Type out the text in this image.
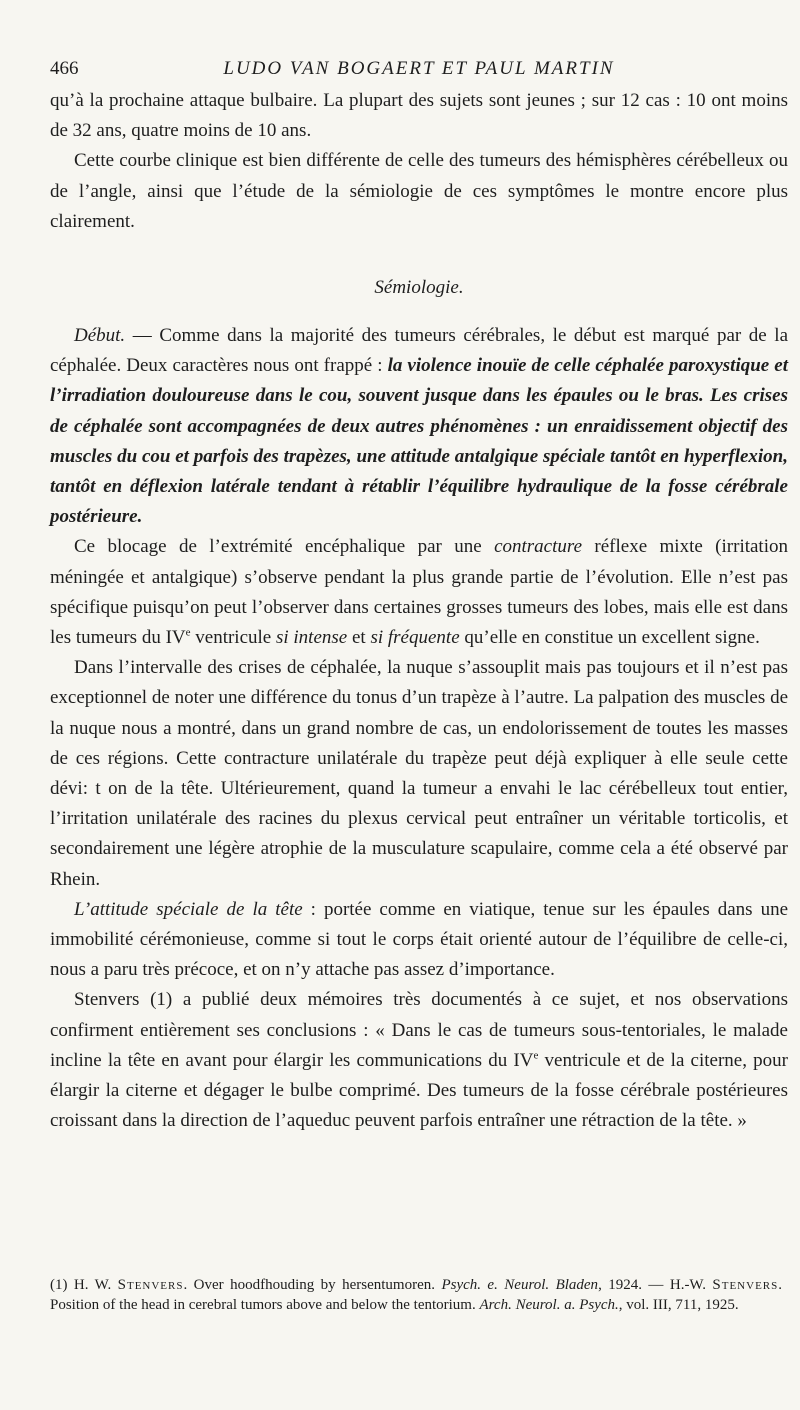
466	LUDO VAN BOGAERT ET PAUL MARTIN

qu’à la prochaine attaque bulbaire. La plupart des sujets sont jeunes ; sur 12 cas : 10 ont moins de 32 ans, quatre moins de 10 ans.

Cette courbe clinique est bien différente de celle des tumeurs des hémisphères cérébelleux ou de l’angle, ainsi que l’étude de la sémiologie de ces symptômes le montre encore plus clairement.

Sémiologie.

Début. — Comme dans la majorité des tumeurs cérébrales, le début est marqué par de la céphalée. Deux caractères nous ont frappé : la violence inouïe de celle céphalée paroxystique et l’irradiation douloureuse dans le cou, souvent jusque dans les épaules ou le bras. Les crises de céphalée sont accompagnées de deux autres phénomènes : un enraidissement objectif des muscles du cou et parfois des trapèzes, une attitude antalgique spéciale tantôt en hyperflexion, tantôt en déflexion latérale tendant à rétablir l’équilibre hydraulique de la fosse cérébrale postérieure.

Ce blocage de l’extrémité encéphalique par une contracture réflexe mixte (irritation méningée et antalgique) s’observe pendant la plus grande partie de l’évolution. Elle n’est pas spécifique puisqu’on peut l’observer dans certaines grosses tumeurs des lobes, mais elle est dans les tumeurs du IVe ventricule si intense et si fréquente qu’elle en constitue un excellent signe.

Dans l’intervalle des crises de céphalée, la nuque s’assouplit mais pas toujours et il n’est pas exceptionnel de noter une différence du tonus d’un trapèze à l’autre. La palpation des muscles de la nuque nous a montré, dans un grand nombre de cas, un endolorissement de toutes les masses de ces régions. Cette contracture unilatérale du trapèze peut déjà expliquer à elle seule cette dévi: t on de la tête. Ultérieurement, quand la tumeur a envahi le lac cérébelleux tout entier, l’irritation unilatérale des racines du plexus cervical peut entraîner un véritable torticolis, et secondairement une légère atrophie de la musculature scapulaire, comme cela a été observé par Rhein.

L’attitude spéciale de la tête : portée comme en viatique, tenue sur les épaules dans une immobilité cérémonieuse, comme si tout le corps était orienté autour de l’équilibre de celle-ci, nous a paru très précoce, et on n’y attache pas assez d’importance.

Stenvers (1) a publié deux mémoires très documentés à ce sujet, et nos observations confirment entièrement ses conclusions : « Dans le cas de tumeurs sous-tentoriales, le malade incline la tête en avant pour élargir les communications du IVe ventricule et de la citerne, pour élargir la citerne et dégager le bulbe comprimé. Des tumeurs de la fosse cérébrale postérieures croissant dans la direction de l’aqueduc peuvent parfois entraîner une rétraction de la tête. »

(1) H. W. Stenvers. Over hoodfhouding by hersentumoren. Psych. e. Neurol. Bladen, 1924. — H.-W. Stenvers. Position of the head in cerebral tumors above and below the tentorium. Arch. Neurol. a. Psych., vol. III, 711, 1925.
